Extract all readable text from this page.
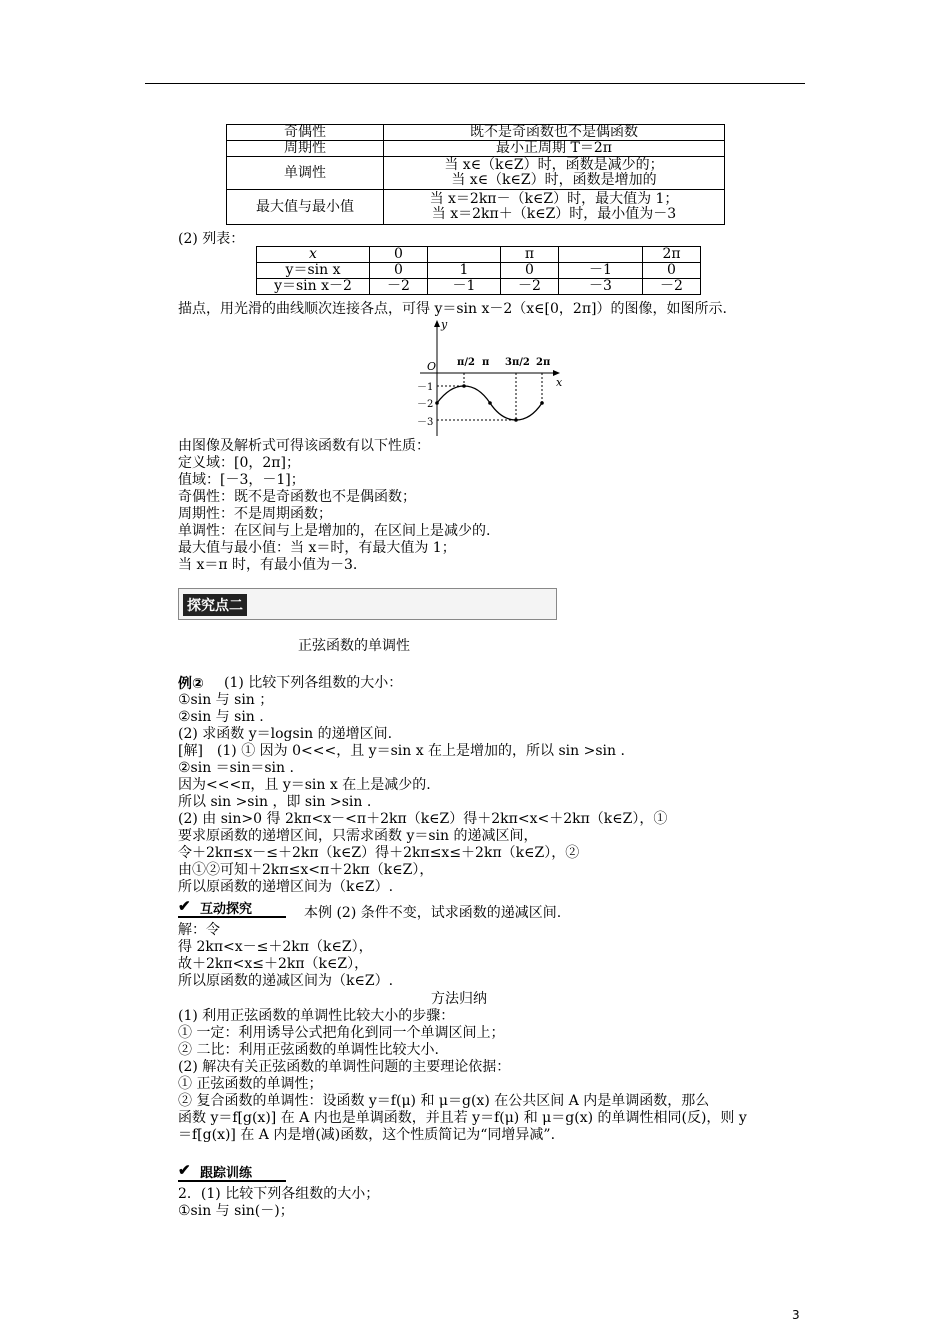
奇偶性	既不是奇函数也不是偶函数
周期性	最小正周期 T＝2π
单调性	当 x∈（k∈Z）时，函数是减少的；
当 x∈（k∈Z）时，函数是增加的

最大值与最小值	当 x＝2kπ－（k∈Z）时，最大值为 1；
当 x＝2kπ＋（k∈Z）时，最小值为－3
(2) 列表：
x	0		π		2π
y＝sin x	0	1	0	－1	0
y＝sin x－2	－2	－1	－2	－3	－2
描点，用光滑的曲线顺次连接各点，可得 y＝sin x－2（x∈[0，2π]）的图像，如图所示.
y
x
O π/2 π 3π/2 2π
－1
－2
－3
由图像及解析式可得该函数有以下性质：
定义域：[0，2π]；
值域：[－3，－1]；
奇偶性：既不是奇函数也不是偶函数；
周期性：不是周期函数；
单调性：在区间与上是增加的，在区间上是减少的.
最大值与最小值：当 x＝时，有最大值为 1；
当 x＝π 时，有最小值为－3.
探究点二
正弦函数的单调性
例② (1) 比较下列各组数的大小：
①sin 与 sin ；
②sin 与 sin .
(2) 求函数 y＝logsin 的递增区间.
[解]　(1) ① 因为 0<<<，且 y＝sin x 在上是增加的，所以 sin >sin .
②sin ＝sin＝sin .
因为<<<π，且 y＝sin x 在上是减少的.
所以 sin >sin ，即 sin >sin .
(2) 由 sin>0 得 2kπ<x－<π＋2kπ（k∈Z）得＋2kπ<x<＋2kπ（k∈Z），①
要求原函数的递增区间，只需求函数 y＝sin 的递减区间，
令＋2kπ≤x－≤＋2kπ（k∈Z）得＋2kπ≤x≤＋2kπ（k∈Z），②
由①②可知＋2kπ≤x<π＋2kπ（k∈Z），
所以原函数的递增区间为（k∈Z）.
✔ 互动探究	本例 (2) 条件不变，试求函数的递减区间.
解：令
得 2kπ<x－≤＋2kπ（k∈Z），
故＋2kπ<x≤＋2kπ（k∈Z），
所以原函数的递减区间为（k∈Z）.
方法归纳
(1) 利用正弦函数的单调性比较大小的步骤：
① 一定：利用诱导公式把角化到同一个单调区间上；
② 二比：利用正弦函数的单调性比较大小.
(2) 解决有关正弦函数的单调性问题的主要理论依据：
① 正弦函数的单调性；
② 复合函数的单调性：设函数 y＝f(μ) 和 μ＝g(x) 在公共区间 A 内是单调函数，那么
函数 y＝f[g(x)] 在 A 内也是单调函数，并且若 y＝f(μ) 和 μ＝g(x) 的单调性相同(反)，则 y
＝f[g(x)] 在 A 内是增(减)函数，这个性质简记为“同增异减”.
✔ 跟踪训练
2．(1) 比较下列各组数的大小；
①sin 与 sin(－)；
3
